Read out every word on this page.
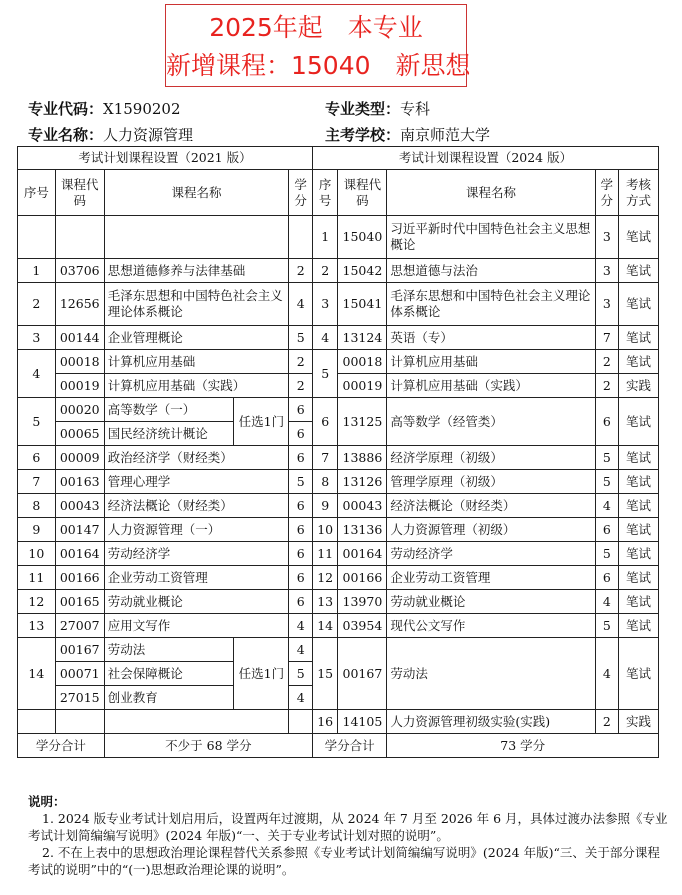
2025年起　本专业
新增课程：15040　新思想
专业代码：X1590202	专业类型：专科
专业名称：人力资源管理	主考学校：南京师范大学
考试计划课程设置（2021 版）					考试计划课程设置（2024 版）				
序号	课程代码	课程名称		学分	序号	课程代码	课程名称	学分	考核方式
					1	15040	习近平新时代中国特色社会主义思想概论	3	笔试
1	03706	思想道德修养与法律基础		2	2	15042	思想道德与法治	3	笔试
2	12656	毛泽东思想和中国特色社会主义理论体系概论		4	3	15041	毛泽东思想和中国特色社会主义理论体系概论	3	笔试
3	00144	企业管理概论		5	4	13124	英语（专）	7	笔试
4	00018	计算机应用基础		2	5	00018	计算机应用基础	2	笔试
	00019	计算机应用基础（实践）		2		00019	计算机应用基础（实践）	2	实践
5	00020	高等数学（一）	任选1门	6	6	13125	高等数学（经管类）	6	笔试
	00065	国民经济统计概论		6					
6	00009	政治经济学（财经类）		6	7	13886	经济学原理（初级）	5	笔试
7	00163	管理心理学		5	8	13126	管理学原理（初级）	5	笔试
8	00043	经济法概论（财经类）		6	9	00043	经济法概论（财经类）	4	笔试
9	00147	人力资源管理（一）		6	10	13136	人力资源管理（初级）	6	笔试
10	00164	劳动经济学		6	11	00164	劳动经济学	5	笔试
11	00166	企业劳动工资管理		6	12	00166	企业劳动工资管理	6	笔试
12	00165	劳动就业概论		6	13	13970	劳动就业概论	4	笔试
13	27007	应用文写作		4	14	03954	现代公文写作	5	笔试
14	00167	劳动法	任选1门	4	15	00167	劳动法	4	笔试
	00071	社会保障概论		5					
	27015	创业教育		4					
					16	14105	人力资源管理初级实验(实践)	2	实践
学分合计		不少于 68 学分			学分合计		73 学分		
说明：

1. 2024 版专业考试计划启用后，设置两年过渡期，从 2024 年 7 月至 2026 年 6 月，具体过渡办法参照《专业考试计划简编编写说明》(2024 年版)“一、关于专业考试计划对照的说明”。

2. 不在上表中的思想政治理论课程替代关系参照《专业考试计划简编编写说明》(2024 年版)“三、关于部分课程考试的说明”中的“(一)思想政治理论课的说明”。
